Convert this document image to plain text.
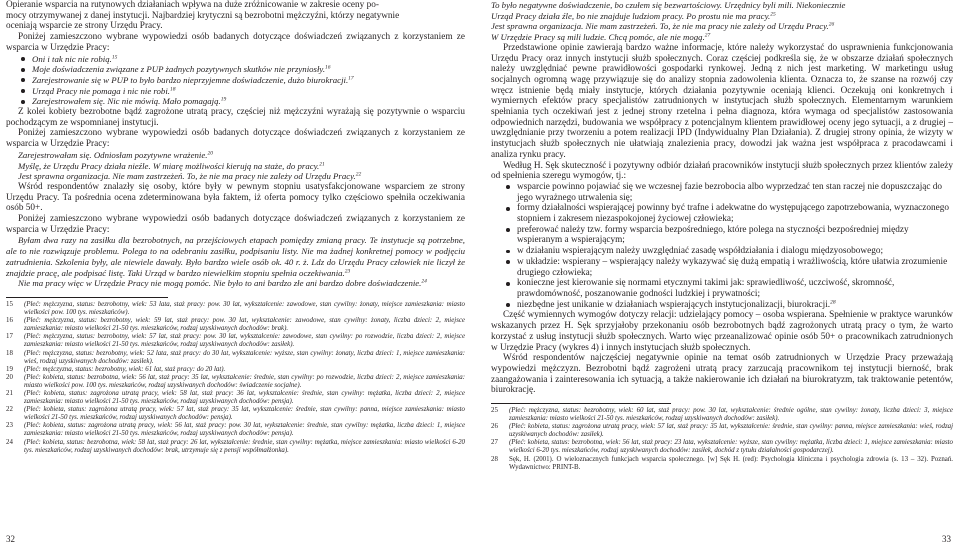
Opieranie wsparcia na rutynowych działaniach wpływa na duże zróżnicowanie w zakresie oceny po-

mocy otrzymywanej z danej instytucji. Najbardziej krytyczni są bezrobotni mężczyźni, którzy negatywnie

oceniają wsparcie ze strony Urzędu Pracy.

Poniżej zamieszczono wybrane wypowiedzi osób badanych dotyczące doświadczeń związanych z korzystaniem ze wsparcia w Urzędzie Pracy:

Oni i tak nic nie robią.$^{15}$
Moje doświadczenia związane z PUP żadnych pozytywnych skutków nie przyniosły.$^{16}$
Zarejestrowanie się w PUP to było bardzo nieprzyjemne doświadczenie, dużo biurokracji.$^{17}$
Urząd Pracy nie pomaga i nic nie robi.$^{18}$
Zarejestrowałem się. Nic nie mówią. Mało pomagają.$^{19}$

Z kolei kobiety bezrobotne bądź zagrożone utratą pracy, częściej niż mężczyźni wyrażają się pozytywnie o wsparciu pochodzącym ze wspomnianej instytucji.

Poniżej zamieszczono wybrane wypowiedzi osób badanych dotyczące doświadczeń związanych z korzystaniem ze wsparcia w Urzędzie Pracy:

Zarejestrowałam się. Odniosłam pozytywne wrażenie.$^{20}$

Myślę, że Urzędu Pracy działa nieźle. W miarę możliwości kierują na staże, do pracy.$^{21}$

Jest sprawna organizacja. Nie mam zastrzeżeń. To, że nie ma pracy nie zależy od Urzędu Pracy.$^{22}$

Wśród respondentów znalazły się osoby, które były w pewnym stopniu usatysfakcjonowane wsparciem ze strony Urzędu Pracy. Ta pośrednia ocena zdeterminowana była faktem, iż oferta pomocy tylko częściowo spełniła oczekiwania osób 50+.

Poniżej zamieszczono wybrane wypowiedzi osób badanych dotyczące doświadczeń związanych z korzystaniem ze wsparcia w Urzędzie Pracy:

Byłam dwa razy na zasiłku dla bezrobotnych, na przejściowych etapach pomiędzy zmianą pracy. Te instytucje są potrzebne, ale to nie rozwiązuje problemu. Polega to na odebraniu zasiłku, podpisaniu listy. Nie ma żadnej konkretnej pomocy w podjęciu zatrudnienia. Szkolenia były, ale niewiele dawały. Było bardzo wiele osób ok. 40 r. ż. Ldz do Urzędu Pracy człowiek nie liczył że znajdzie pracę, ale podpisać listę. Taki Urząd w bardzo niewielkim stopniu spełnia oczekiwania.$^{23}$

Nie ma pracy więc w Urzędzie Pracy nie mogą pomóc. Nie było to ani bardzo złe ani bardzo dobre doświadczenie.$^{24}$

15 (Płeć: mężczyzna, status: bezrobotny, wiek: 53 lata, staż pracy: pow. 30 lat, wykształcenie: zawodowe, stan cywilny: żonaty, miejsce zamieszkania: miasto wielkości pow. 100 tys. mieszkańców).
16 (Płeć: mężczyzna, status: bezrobotny, wiek: 59 lat, staż pracy: pow. 30 lat, wykształcenie: zawodowe, stan cywilny: żonaty, liczba dzieci: 2, miejsce zamieszkania: miasto wielkości 21-50 tys. mieszkańców, rodzaj uzyskiwanych dochodów: brak).
17 (Płeć: mężczyzna, status: bezrobotny, wiek: 57 lat, staż pracy: pow. 30 lat, wykształcenie: zawodowe, stan cywilny: po rozwodzie, liczba dzieci: 2, miejsce zamieszkania: miasto wielkości 21-50 tys. mieszkańców, rodzaj uzyskiwanych dochodów: zasiłek).
18 (Płeć: mężczyzna, status: bezrobotny, wiek: 52 lata, staż pracy: do 30 lat, wykształcenie: wyższe, stan cywilny: żonaty, liczba dzieci: 1, miejsce zamieszkania: wieś, rodzaj uzyskiwanych dochodów: zasiłek).
19 (Płeć: mężczyzna, status: bezrobotny, wiek: 61 lat, staż pracy: do 20 lat).
20 (Płeć: kobieta, status: bezrobotna, wiek: 56 lat, staż pracy: 35 lat, wykształcenie: średnie, stan cywilny: po rozwodzie, liczba dzieci: 2, miejsce zamieszkania: miasto wielkości pow. 100 tys. mieszkańców, rodzaj uzyskiwanych dochodów: świadczenie socjalne).
21 (Płeć: kobieta, status: zagrożona utratą pracy, wiek: 58 lat, staż pracy: 36 lat, wykształcenie: średnie, stan cywilny: mężatka, liczba dzieci: 2, miejsce zamieszkania: miasto wielkości 21-50 tys. mieszkańców, rodzaj uzyskiwanych dochodów: pensja).
22 (Płeć: kobieta, status: zagrożona utratą pracy, wiek: 57 lat, staż pracy: 35 lat, wykształcenie: średnie, stan cywilny: panna, miejsce zamieszkania: miasto wielkości 21-50 tys. mieszkańców, rodzaj uzyskiwanych dochodów: pensja).
23 (Płeć: kobieta, status: zagrożona utratą pracy, wiek: 56 lat, staż pracy: pow. 30 lat, wykształcenie: średnie, stan cywilny: mężatka, liczba dzieci: 1, miejsce zamieszkania: miasto wielkości 21-50 tys. mieszkańców, rodzaj uzyskiwanych dochodów: pensja).
24 (Płeć: kobieta, status: bezrobotna, wiek: 58 lat, staż pracy: 26 lat, wykształcenie: średnie, stan cywilny: mężatka, miejsce zamieszkania: miasto wielkości 6-20 tys. mieszkańców, rodzaj uzyskiwanych dochodów: brak, utrzymuje się z pensji współmałżonka).
32

To było negatywne doświadczenie, bo czułem się bezwartościowy. Urzędnicy byli mili. Niekoniecznie

Urząd Pracy działa źle, bo nie znajduje ludziom pracy. Po prostu nie ma pracy.$^{25}$

Jest sprawna organizacja. Nie mam zastrzeżeń. To, że nie ma pracy nie zależy od Urzędu Pracy.$^{26}$

W Urzędzie Pracy są mili ludzie. Chcą pomóc, ale nie mogą.$^{27}$

Przedstawione opinie zawierają bardzo ważne informacje, które należy wykorzystać do usprawnienia funkcjonowania Urzędu Pracy oraz innych instytucji służb społecznych. Coraz częściej podkreśla się, że w obszarze działań społecznych należy uwzględniać pewne prawidłowości gospodarki rynkowej. Jedną z nich jest marketing. W marketingu usług socjalnych ogromną wagę przywiązuje się do analizy stopnia zadowolenia klienta. Oznacza to, że szanse na rozwój czy wręcz istnienie będą miały instytucje, których działania pozytywnie oceniają klienci. Oczekują oni konkretnych i wymiernych efektów pracy specjalistów zatrudnionych w instytucjach służb społecznych. Elementarnym warunkiem spełniania tych oczekiwań jest z jednej strony rzetelna i pełna diagnoza, która wymaga od specjalistów zastosowania odpowiednich narzędzi, budowania we współpracy z potencjalnym klientem prawidłowej oceny jego sytuacji, a z drugiej – uwzględnianie przy tworzeniu a potem realizacji IPD (Indywidualny Plan Działania). Z drugiej strony opinia, że wizyty w instytucjach służb społecznych nie ułatwiają znalezienia pracy, dowodzi jak ważna jest współpraca z pracodawcami i analiza rynku pracy.

Według H. Sęk skuteczność i pozytywny odbiór działań pracowników instytucji służb społecznych przez klientów zależy od spełnienia szeregu wymogów, tj.:

wsparcie powinno pojawiać się we wczesnej fazie bezrobocia albo wyprzedzać ten stan raczej nie dopuszczając do jego wyrażnego utrwalenia się;
formy działalności wspierającej powinny być trafne i adekwatne do występującego zapotrzebowania, wyznaczonego stopniem i zakresem niezaspokojonej życiowej człowieka;
preferować należy tzw. formy wsparcia bezpośredniego, które polega na stycznoś̨ci bezpośredniej między wspieranym a wspierającym;
w działaniu wspierającym należy uwzględniać zasadę współdziałania i dialogu międzyosobowego;
w układzie: wspierany – wspierający należy wykazywać się dużą empatią i wrażliwością, które ułatwia zrozumienie drugiego człowieka;
konieczne jest kierowanie się normami etycznymi takimi jak: sprawiedliwość, uczciwość, skromność, prawdomówność, poszanowanie godności ludzkiej i prywatności;
niezbędne jest unikanie w działaniach wspierających instytucjonalizacji, biurokracji.$^{28}$

Część wymiennych wymogów dotyczy relacji: udzielający pomocy – osoba wspierana. Spełnienie w praktyce warunków wskazanych przez H. Sęk sprzyjałoby przekonaniu osób bezrobotnych bądź zagrożonych utratą pracy o tym, że warto korzystać z usług instytucji służb społecznych. Warto więc przeanalizować opinie osób 50+ o pracownikach zatrudnionych w Urzędzie Pracy (wykres 4) i innych instytucjach służb społecznych.

Wśród respondentów najczęściej negatywnie opinie na temat osób zatrudnionych w Urzędzie Pracy przeważają wypowiedzi mężczyzn. Bezrobotni bądź zagrożeni utratą pracy zarzucają pracownikom tej instytucji bierność, brak zaangażowania i zainteresowania ich sytuacją, a także nakierowanie ich działań na biurokratyzm, tak traktowanie petentów, biurokrację.

25 (Płeć: mężczyzna, status: bezrobotny, wiek: 60 lat, staż pracy: pow. 30 lat, wykształcenie: średnie ogólne, stan cywilny: żonaty, liczba dzieci: 3, miejsce zamieszkania: miasto wielkości 21-50 tys. mieszkańców, rodzaj uzyskiwanych dochodów: zasiłek).
26 (Płeć: kobieta, status: zagrożona utratą pracy, wiek: 57 lat, staż pracy: 35 lat, wykształcenie: średnie, stan cywilny: panna, miejsce zamieszkania: wieś, rodzaj uzyskiwanych dochodów: zasiłek).
27 (Płeć: kobieta, status: bezrobotna, wiek: 56 lat, staż pracy: 23 lata, wykształcenie: wyższe, stan cywilny: mężatka, liczba dzieci: 1, miejsce zamieszkania: miasto wielkości 6-20 tys. mieszkańców, rodzaj uzyskiwanych dochodów: zasiłek, dochód z tytułu działalności gospodarczej).
28 Sęk, H. (2001). O wieloznacznych funkcjach wsparcia społecznego. [w] Sęk H. (red): Psychologia kliniczna i psychologia zdrowia (s. 13 – 32). Poznań. Wydawnictwo: PRINT-B.
33
